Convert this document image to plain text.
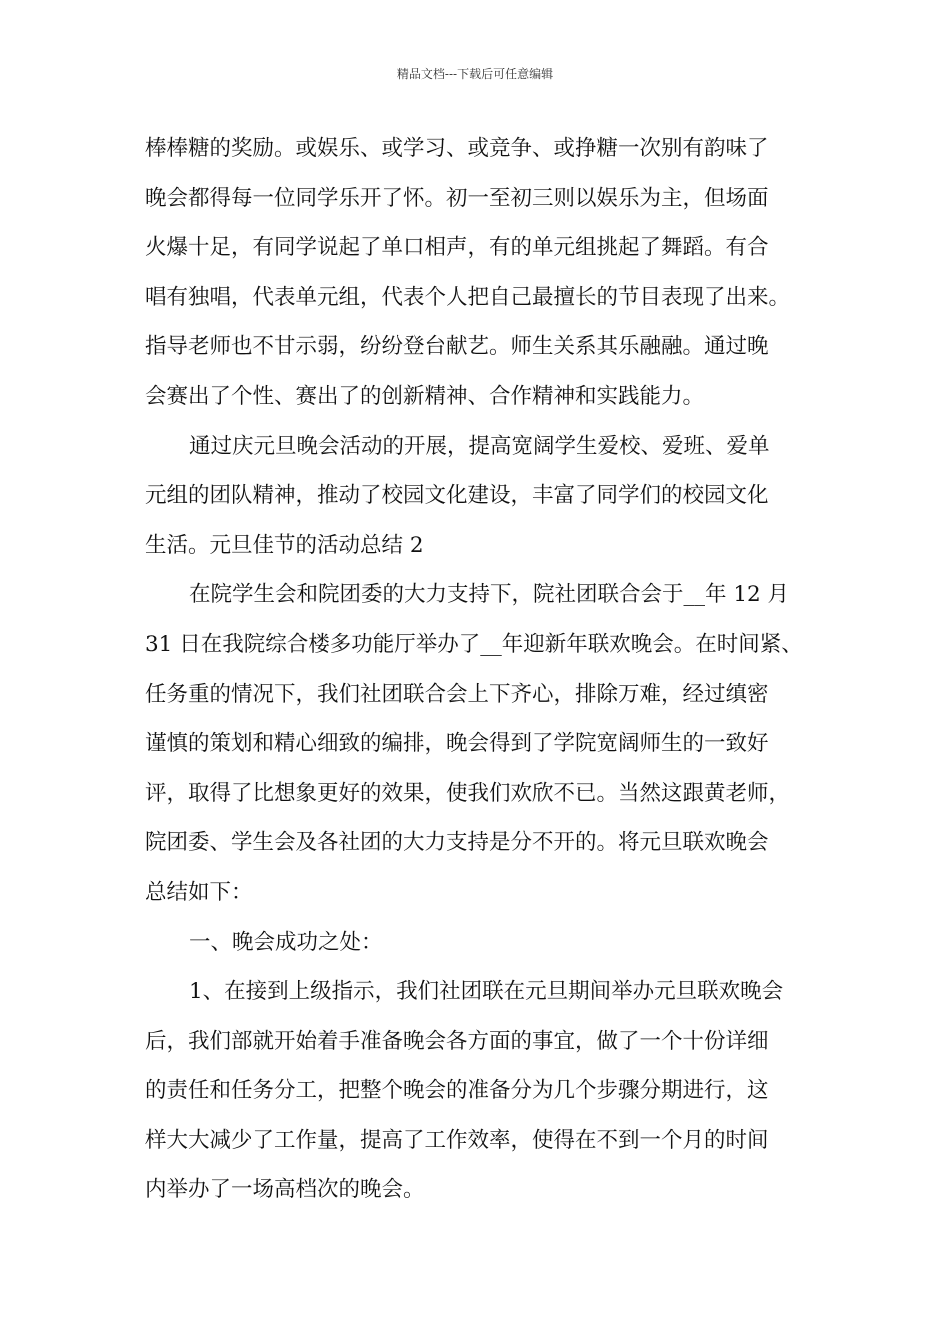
精品文档---下载后可任意编辑
棒棒糖的奖励。或娱乐、或学习、或竞争、或挣糖一次别有韵味了
晚会都得每一位同学乐开了怀。初一至初三则以娱乐为主，但场面
火爆十足，有同学说起了单口相声，有的单元组挑起了舞蹈。有合
唱有独唱，代表单元组，代表个人把自己最擅长的节目表现了出来。
指导老师也不甘示弱，纷纷登台献艺。师生关系其乐融融。通过晚
会赛出了个性、赛出了的创新精神、合作精神和实践能力。
通过庆元旦晚会活动的开展，提高宽阔学生爱校、爱班、爱单
元组的团队精神，推动了校园文化建设，丰富了同学们的校园文化
生活。元旦佳节的活动总结 2
在院学生会和院团委的大力支持下，院社团联合会于__年 12 月
31 日在我院综合楼多功能厅举办了__年迎新年联欢晚会。在时间紧、
任务重的情况下，我们社团联合会上下齐心，排除万难，经过缜密
谨慎的策划和精心细致的编排，晚会得到了学院宽阔师生的一致好
评，取得了比想象更好的效果，使我们欢欣不已。当然这跟黄老师，
院团委、学生会及各社团的大力支持是分不开的。将元旦联欢晚会
总结如下：
一、晚会成功之处：
1、在接到上级指示，我们社团联在元旦期间举办元旦联欢晚会
后，我们部就开始着手准备晚会各方面的事宜，做了一个十份详细
的责任和任务分工，把整个晚会的准备分为几个步骤分期进行，这
样大大减少了工作量，提高了工作效率，使得在不到一个月的时间
内举办了一场高档次的晚会。
